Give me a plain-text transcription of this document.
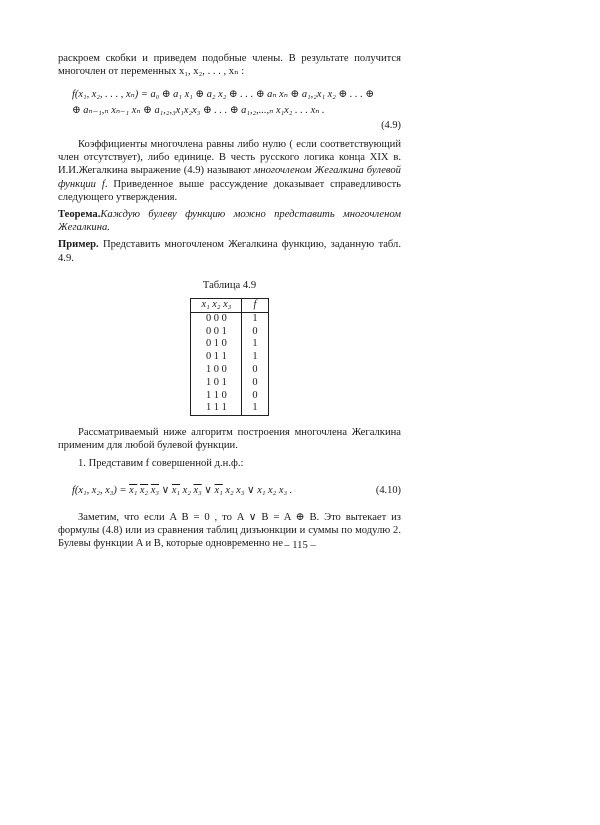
раскроем скобки и приведем подобные члены. В результате получится многочлен от переменных x₁, x₂, . . . , xₙ :

f(x₁, x₂, . . . , xₙ) = a₀ ⊕ a₁ x₁ ⊕ a₂ x₂ ⊕ . . . ⊕ aₙ xₙ ⊕ a₁,₂x₁ x₂ ⊕ . . . ⊕
⊕ aₙ₋₁,ₙ xₙ₋₁ xₙ ⊕ a₁,₂,₃x₁x₂x₃ ⊕ . . . ⊕ a₁,₂,...,ₙ x₁x₂ . . . xₙ .
(4.9)

Коэффициенты многочлена равны либо нулю ( если соответствующий член отсутствует), либо единице. В честь русского логика конца XIX в. И.И.Жегалкина выражение (4.9) называют многочленом Жегалкина булевой функции f. Приведенное выше рассуждение доказывает справедливость следующего утверждения.

Теорема.Каждую булеву функцию можно представить многочленом Жегалкина.

Пример. Представить многочленом Жегалкина функцию, заданную табл. 4.9.

Таблица 4.9
x₁ x₂ x₃	f
0 0 0	1
0 0 1	0
0 1 0	1
0 1 1	1
1 0 0	0
1 0 1	0
1 1 0	0
1 1 1	1

Рассматриваемый ниже алгоритм построения многочлена Жегалкина применим для любой булевой функции.

1. Представим f совершенной д.н.ф.:

f(x₁, x₂, x₃) = x₁ x₂ x₃ ∨ x₁ x₂ x₃ ∨ x₁ x₂ x₃ ∨ x₁ x₂ x₃ .	(4.10)

Заметим, что если A B = 0 , то A ∨ B = A ⊕ B. Это вытекает из формулы (4.8) или из сравнения таблиц дизъюнкции и суммы по модулю 2. Булевы функции A и B, которые одновременно не – 115 –
